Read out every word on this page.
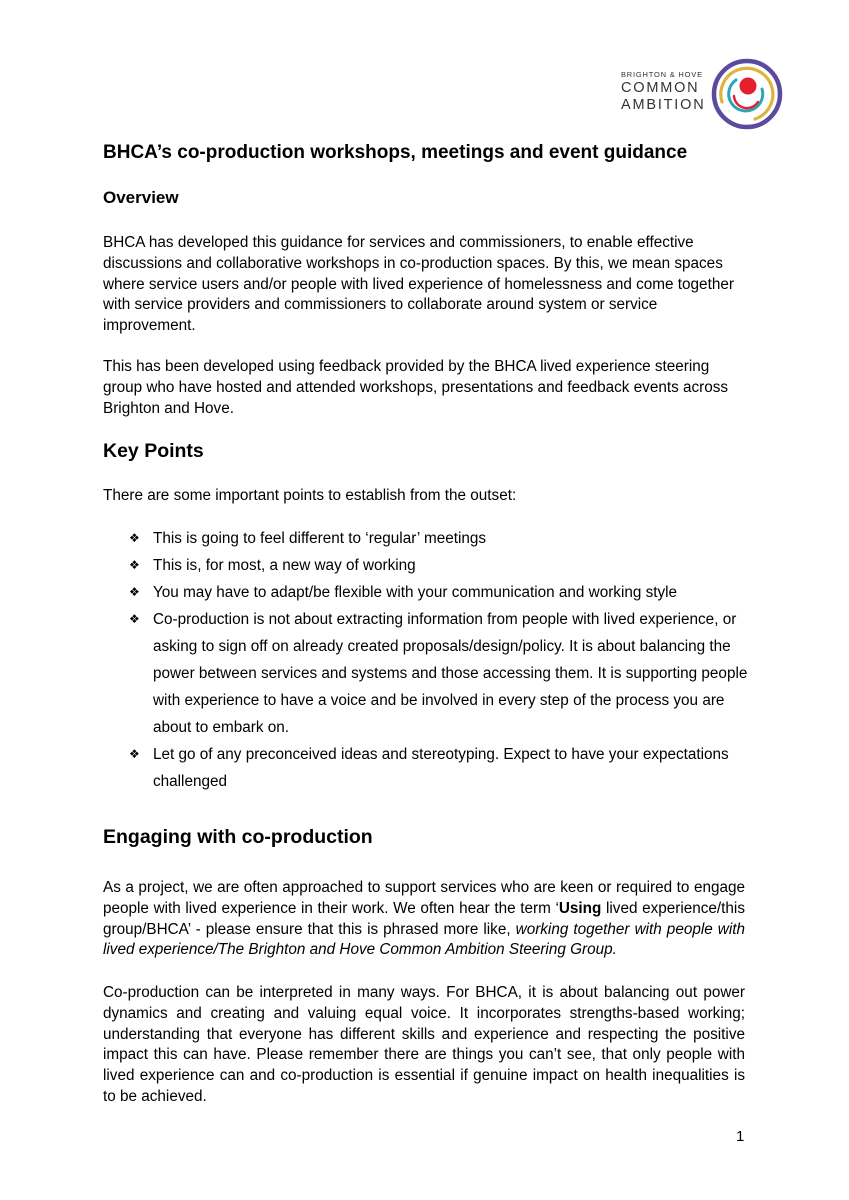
BRIGHTON & HOVE
COMMON
AMBITION
BHCA’s co-production workshops, meetings and event guidance
Overview

BHCA has developed this guidance for services and commissioners, to enable effective discussions and collaborative workshops in co-production spaces. By this, we mean spaces where service users and/or people with lived experience of homelessness and come together with service providers and commissioners to collaborate around system or service improvement.

This has been developed using feedback provided by the BHCA lived experience steering group who have hosted and attended workshops, presentations and feedback events across Brighton and Hove.

Key Points

There are some important points to establish from the outset:

❖ This is going to feel different to ‘regular’ meetings
❖ This is, for most, a new way of working
❖ You may have to adapt/be flexible with your communication and working style
❖ Co-production is not about extracting information from people with lived experience, or asking to sign off on already created proposals/design/policy. It is about balancing the power between services and systems and those accessing them. It is supporting people with experience to have a voice and be involved in every step of the process you are about to embark on.
❖ Let go of any preconceived ideas and stereotyping. Expect to have your expectations challenged
Engaging with co-production

As a project, we are often approached to support services who are keen or required to engage people with lived experience in their work. We often hear the term ‘Using lived experience/this group/BHCA’ - please ensure that this is phrased more like, working together with people with lived experience/The Brighton and Hove Common Ambition Steering Group.

Co-production can be interpreted in many ways. For BHCA, it is about balancing out power dynamics and creating and valuing equal voice. It incorporates strengths-based working; understanding that everyone has different skills and experience and respecting the positive impact this can have. Please remember there are things you can’t see, that only people with lived experience can and co-production is essential if genuine impact on health inequalities is to be achieved.

1
